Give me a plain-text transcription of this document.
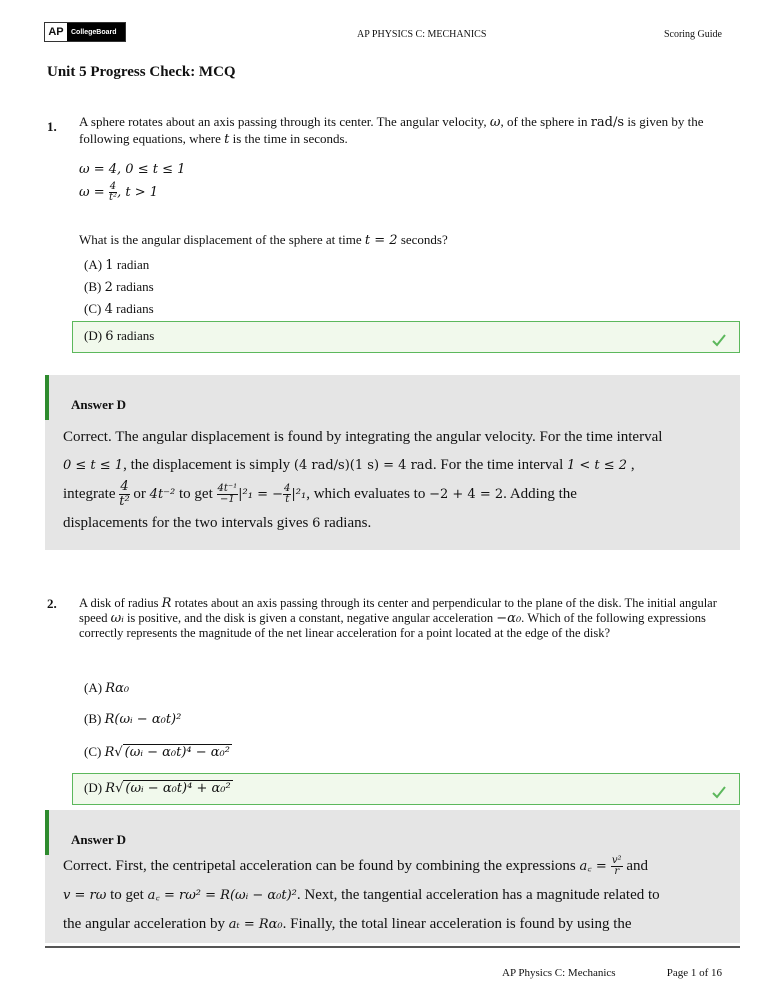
AP	CollegeBoard	AP PHYSICS C: MECHANICS	Scoring Guide
Unit 5 Progress Check: MCQ
1. A sphere rotates about an axis passing through its center. The angular velocity, ω, of the sphere in rad/s is given by the following equations, where t is the time in seconds.
ω = 4, 0 ≤ t ≤ 1
$\omega = \frac{4}{\text{t²}}$ , t > 1
What is the angular displacement of the sphere at time t = 2 seconds?
(A) 1 radian
(B) 2 radians
(C) 4 radians
(D) 6 radians
Answer D
Correct. The angular displacement is found by integrating the angular velocity. For the time interval
0 ≤ t ≤ 1, the displacement is simply (4 rad/s)(1 s) = 4 rad. For the time interval 1 < t ≤ 2 ,
integrate $\frac{4}{\text{t²}}$ or 4t⁻² to get $\frac{\text{4t⁻¹}}{-1} |^2_1$ = − $\frac{4}{t} |^2_1$, which evaluates to −2 + 4 = 2. Adding the
displacements for the two intervals gives 6 radians.
2. A disk of radius R rotates about an axis passing through its center and perpendicular to the plane of the disk. The initial angular speed ωᵢ is positive, and the disk is given a constant, negative angular acceleration −α₀. Which of the following expressions correctly represents the magnitude of the net linear acceleration for a point located at the edge of the disk?
(A) Rα₀
(B) R(ωᵢ − α₀t)²
(C) R√ (ωᵢ − α₀t)⁴ − α₀²
(D) R√ (ωᵢ − α₀t)⁴ + α₀²
Answer D
Correct. First, the centripetal acceleration can be found by combining the expressions a꜀ = $\frac{\text{v²}}{r}$ and
v = rω to get a꜀ = rω² = R(ωᵢ − α₀t)². Next, the tangential acceleration has a magnitude related to
the angular acceleration by aₜ = Rα₀. Finally, the total linear acceleration is found by using the
AP Physics C: Mechanics	Page 1 of 16
